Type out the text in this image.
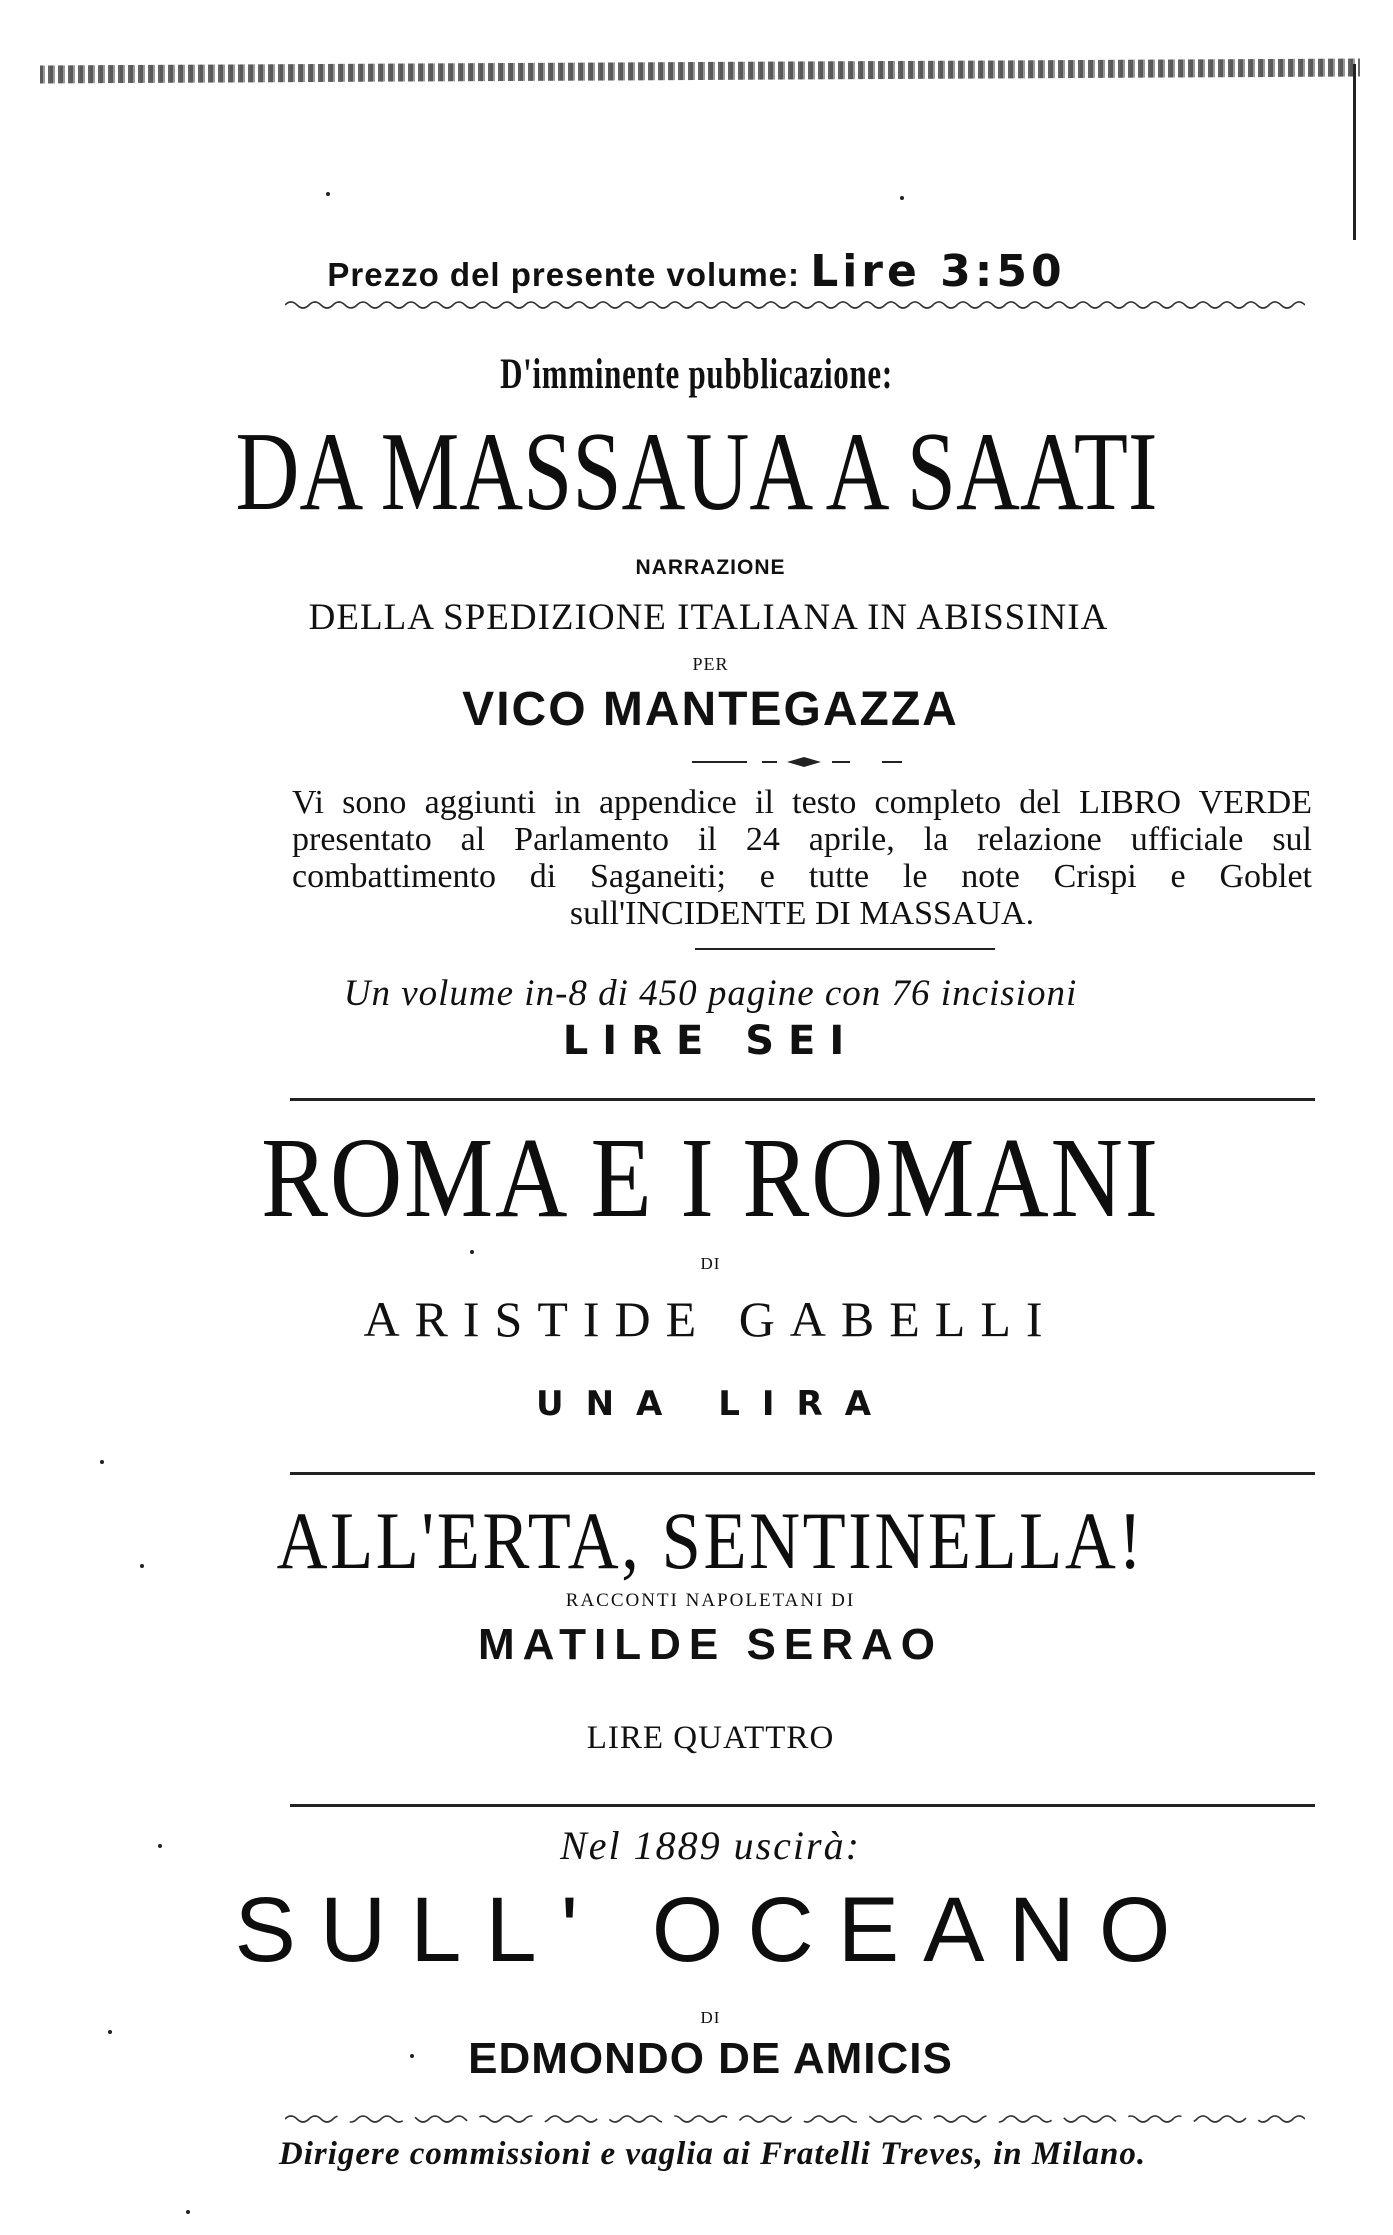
Prezzo del presente volume: Lire 3:50
D'imminente pubblicazione:
DA MASSAUA A SAATI
NARRAZIONE
DELLA SPEDIZIONE ITALIANA IN ABISSINIA
PER
VICO MANTEGAZZA
Vi sono aggiunti in appendice il testo completo del LIBRO VERDE presentato al Parlamento il 24 aprile, la relazione ufficiale sul combattimento di Saganeiti; e tutte le note Crispi e Goblet sull'INCIDENTE DI MASSAUA.
Un volume in-8 di 450 pagine con 76 incisioni
LIRE SEI
ROMA E I ROMANI
DI
ARISTIDE GABELLI
UNA LIRA
ALL'ERTA, SENTINELLA!
RACCONTI NAPOLETANI DI
MATILDE SERAO
LIRE QUATTRO
Nel 1889 uscirà:
SULL' OCEANO
DI
EDMONDO DE AMICIS
Dirigere commissioni e vaglia ai Fratelli Treves, in Milano.
